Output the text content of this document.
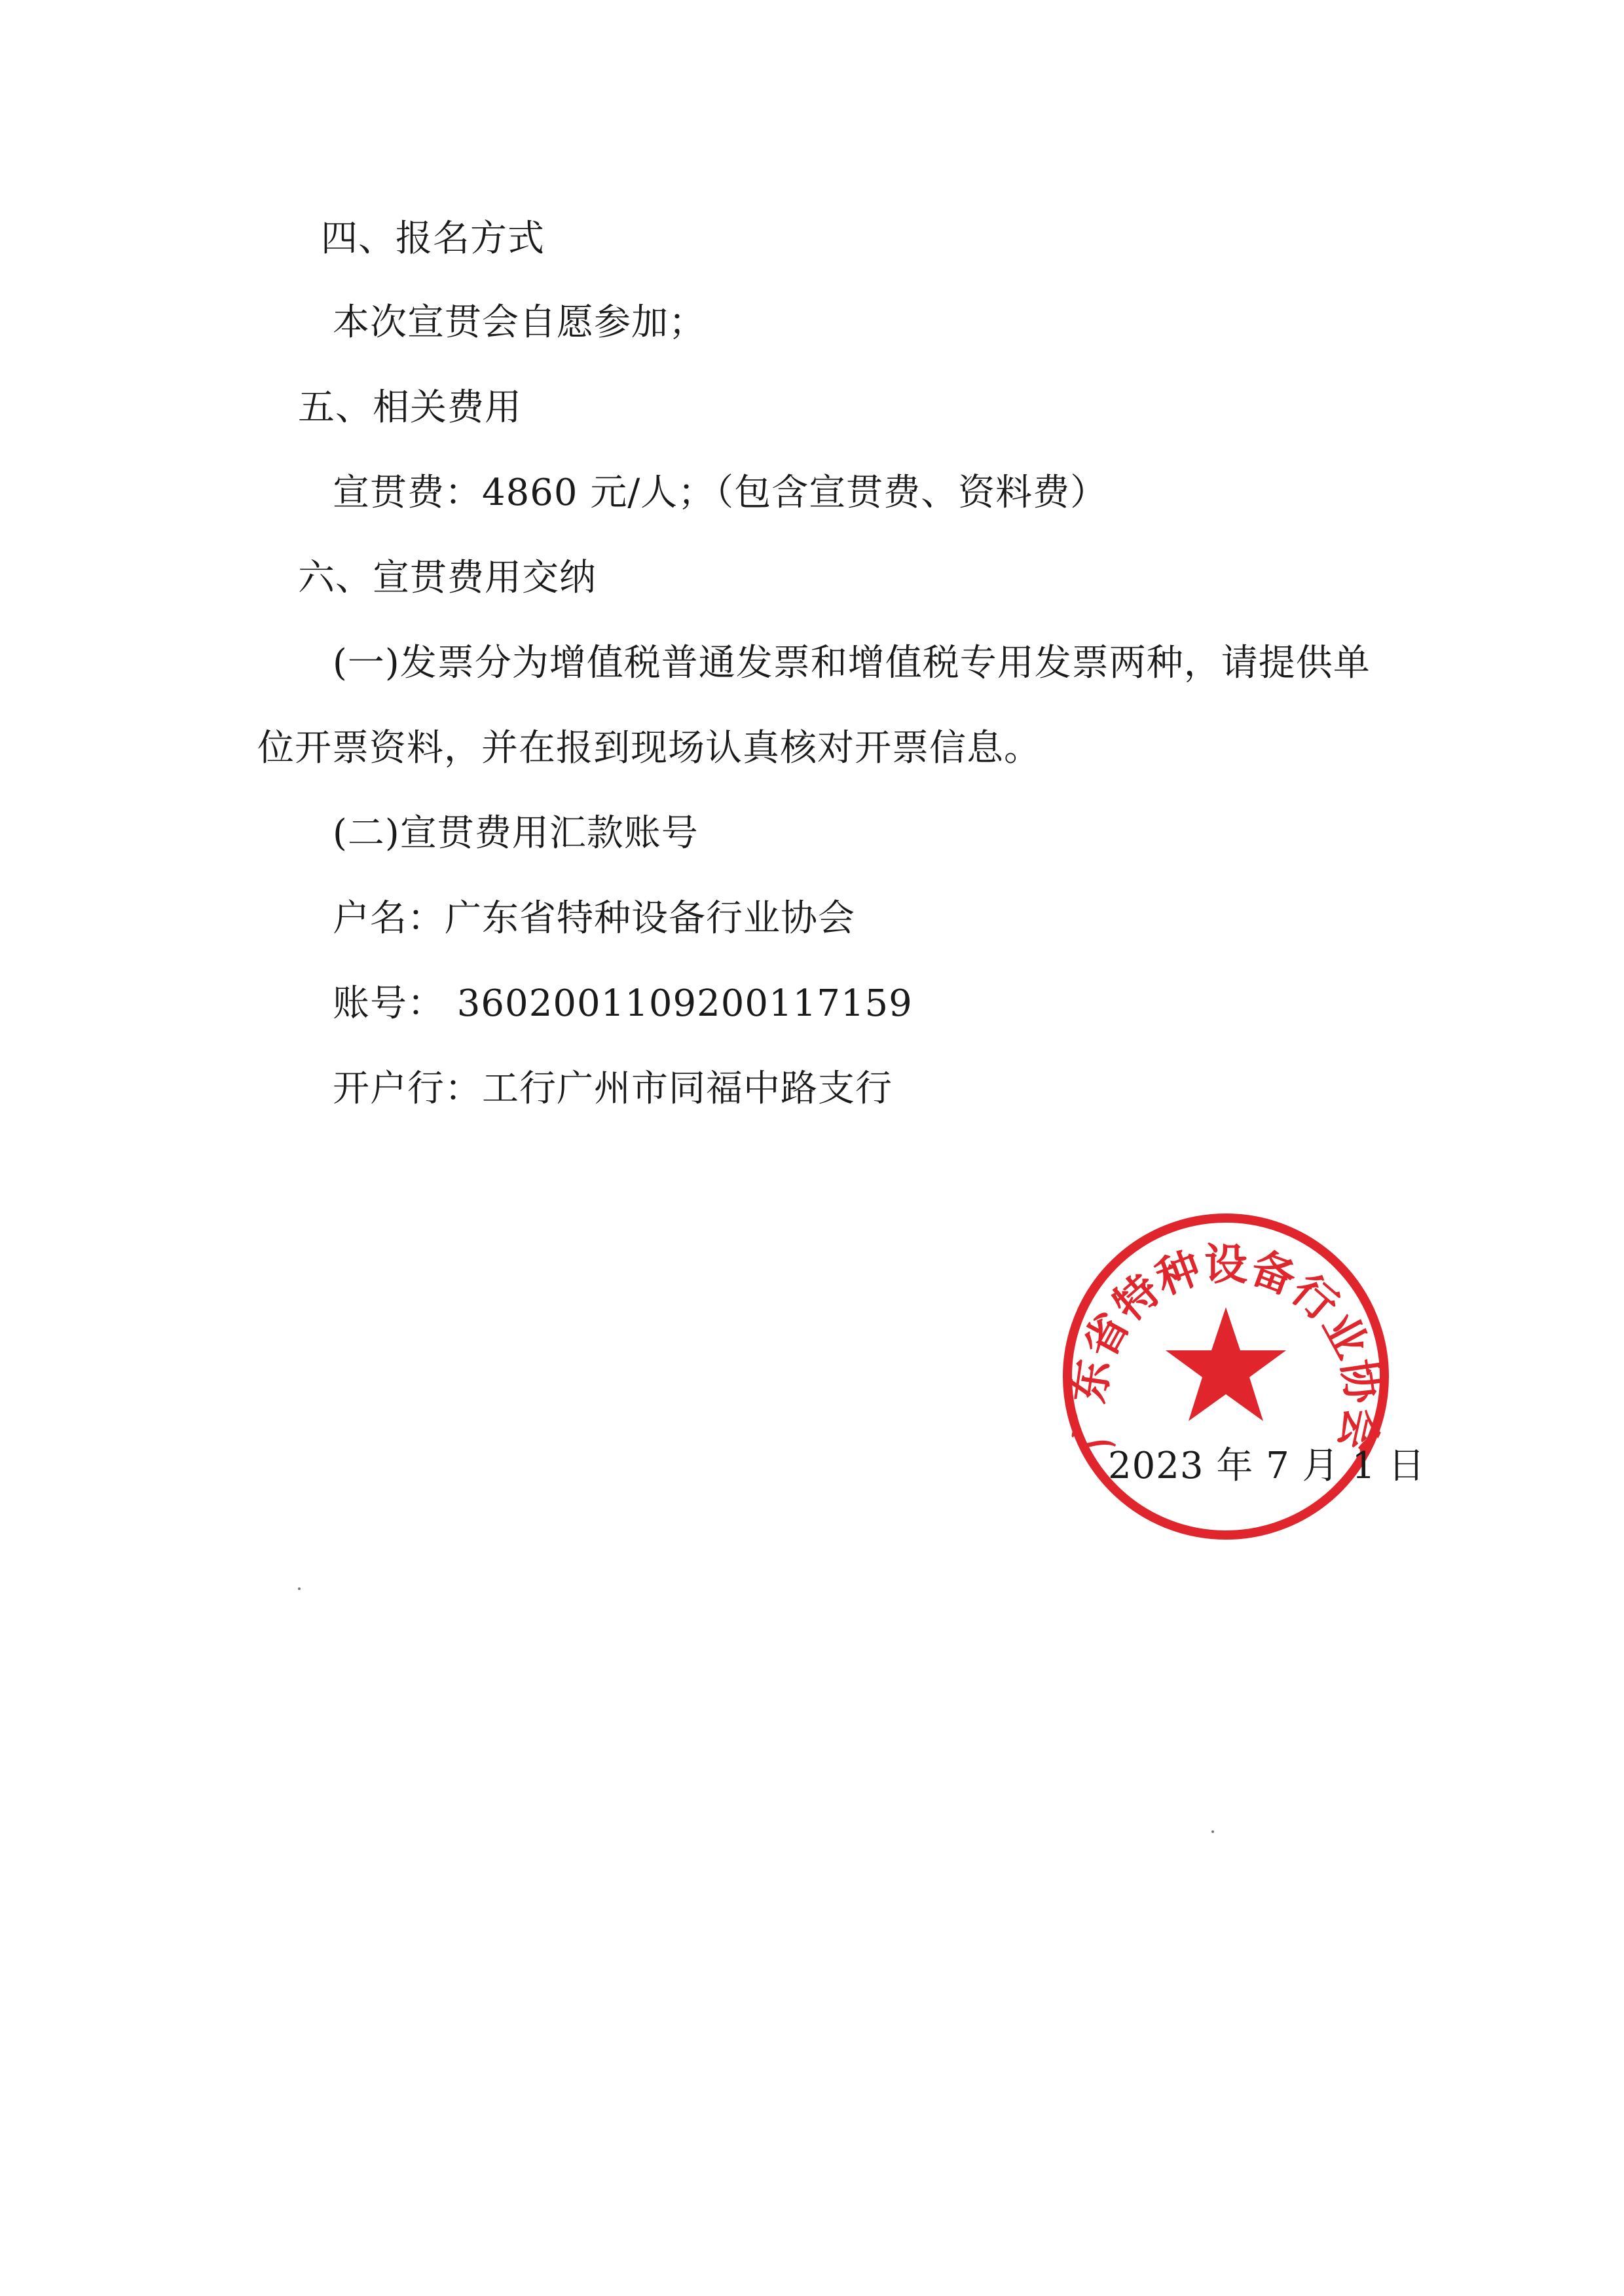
四、报名方式
本次宣贯会自愿参加；
五、相关费用
宣贯费：4860 元/人；（包含宣贯费、资料费）
六、宣贯费用交纳
(一)发票分为增值税普通发票和增值税专用发票两种，请提供单
位开票资料，并在报到现场认真核对开票信息。
(二)宣贯费用汇款账号
户名：广东省特种设备行业协会
账号： 3602001109200117159
开户行：工行广州市同福中路支行
广东省特种设备行业协会
2023 年 7 月 1 日
